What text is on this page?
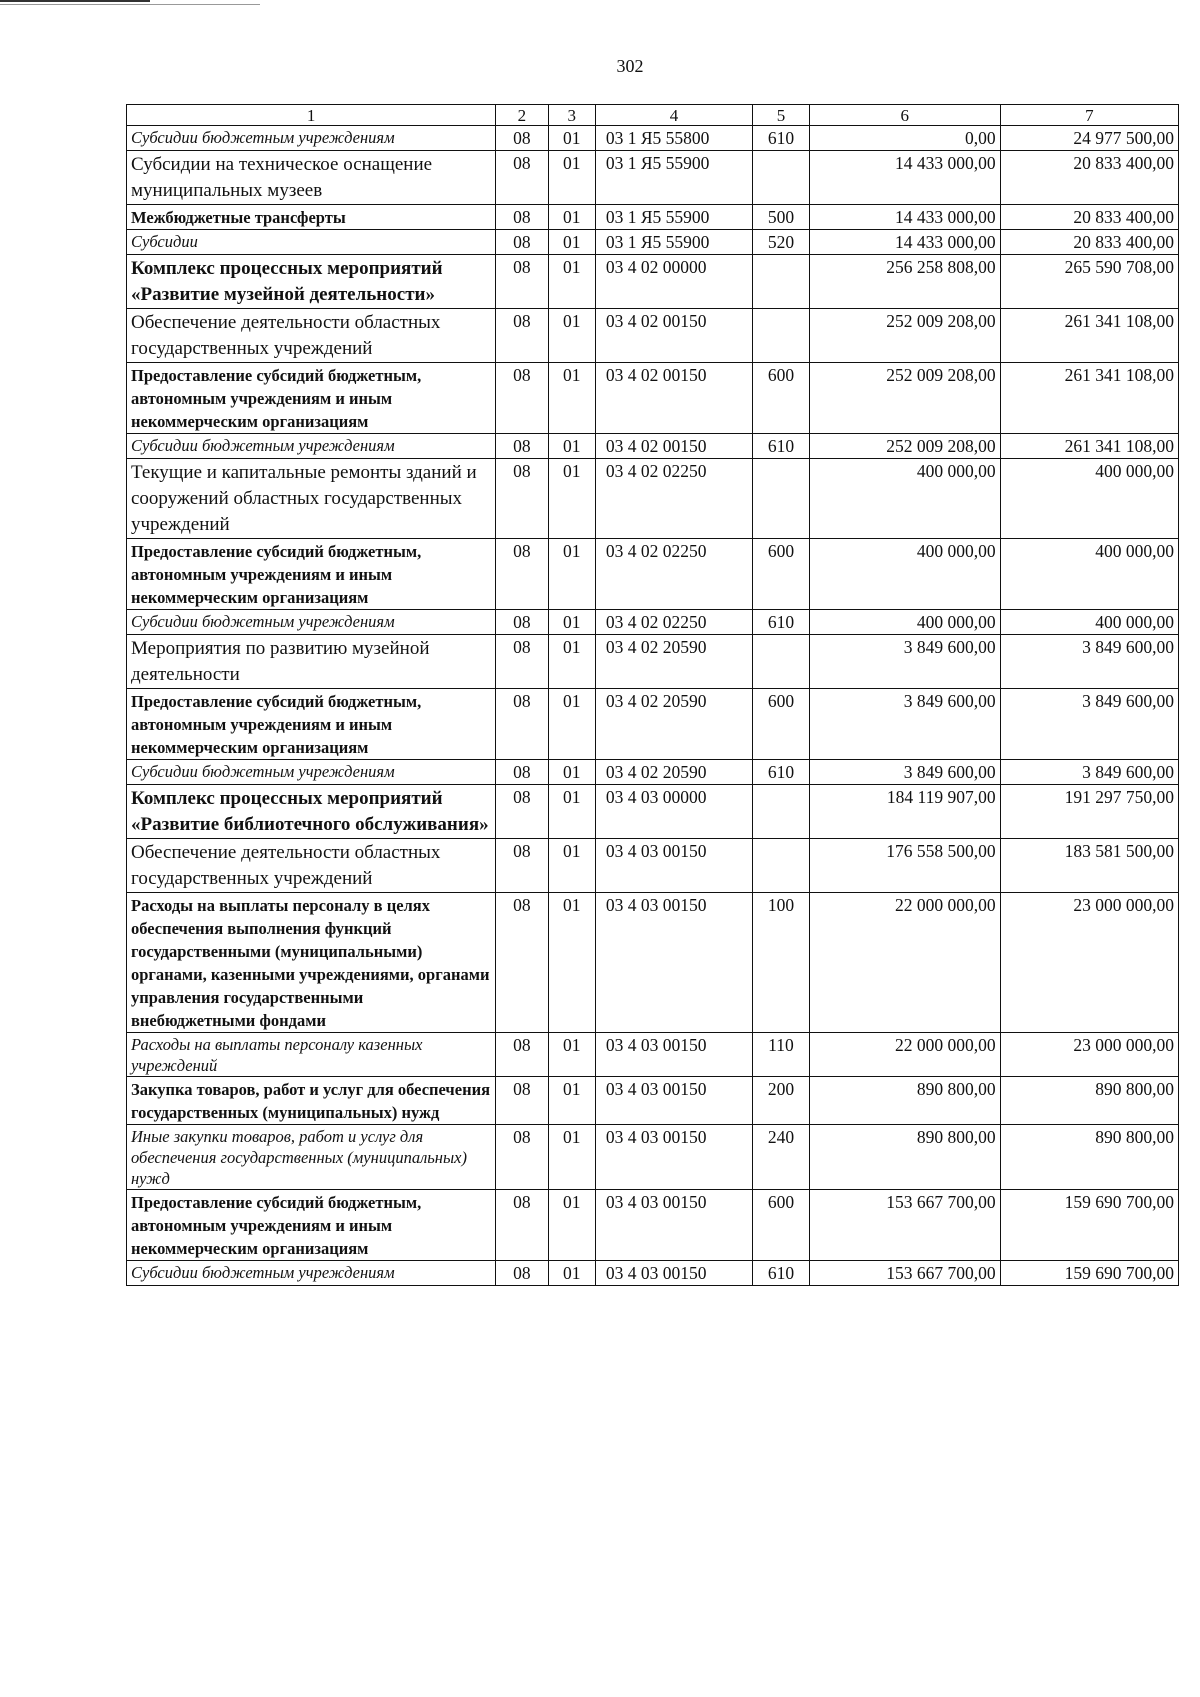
302
1	2	3	4	5	6	7
Субсидии бюджетным учреждениям	08	01	03 1 Я5 55800	610	0,00	24 977 500,00
Субсидии на техническое оснащение муниципальных музеев	08	01	03 1 Я5 55900		14 433 000,00	20 833 400,00
Межбюджетные трансферты	08	01	03 1 Я5 55900	500	14 433 000,00	20 833 400,00
Субсидии	08	01	03 1 Я5 55900	520	14 433 000,00	20 833 400,00
Комплекс процессных мероприятий «Развитие музейной деятельности»	08	01	03 4 02 00000		256 258 808,00	265 590 708,00
Обеспечение деятельности областных государственных учреждений	08	01	03 4 02 00150		252 009 208,00	261 341 108,00
Предоставление субсидий бюджетным, автономным учреждениям и иным некоммерческим организациям	08	01	03 4 02 00150	600	252 009 208,00	261 341 108,00
Субсидии бюджетным учреждениям	08	01	03 4 02 00150	610	252 009 208,00	261 341 108,00
Текущие и капитальные ремонты зданий и сооружений областных государственных учреждений	08	01	03 4 02 02250		400 000,00	400 000,00
Предоставление субсидий бюджетным, автономным учреждениям и иным некоммерческим организациям	08	01	03 4 02 02250	600	400 000,00	400 000,00
Субсидии бюджетным учреждениям	08	01	03 4 02 02250	610	400 000,00	400 000,00
Мероприятия по развитию музейной деятельности	08	01	03 4 02 20590		3 849 600,00	3 849 600,00
Предоставление субсидий бюджетным, автономным учреждениям и иным некоммерческим организациям	08	01	03 4 02 20590	600	3 849 600,00	3 849 600,00
Субсидии бюджетным учреждениям	08	01	03 4 02 20590	610	3 849 600,00	3 849 600,00
Комплекс процессных мероприятий «Развитие библиотечного обслуживания»	08	01	03 4 03 00000		184 119 907,00	191 297 750,00
Обеспечение деятельности областных государственных учреждений	08	01	03 4 03 00150		176 558 500,00	183 581 500,00
Расходы на выплаты персоналу в целях обеспечения выполнения функций государственными (муниципальными) органами, казенными учреждениями, органами управления государственными внебюджетными фондами	08	01	03 4 03 00150	100	22 000 000,00	23 000 000,00
Расходы на выплаты персоналу казенных учреждений	08	01	03 4 03 00150	110	22 000 000,00	23 000 000,00
Закупка товаров, работ и услуг для обеспечения государственных (муниципальных) нужд	08	01	03 4 03 00150	200	890 800,00	890 800,00
Иные закупки товаров, работ и услуг для обеспечения государственных (муниципальных) нужд	08	01	03 4 03 00150	240	890 800,00	890 800,00
Предоставление субсидий бюджетным, автономным учреждениям и иным некоммерческим организациям	08	01	03 4 03 00150	600	153 667 700,00	159 690 700,00
Субсидии бюджетным учреждениям	08	01	03 4 03 00150	610	153 667 700,00	159 690 700,00
